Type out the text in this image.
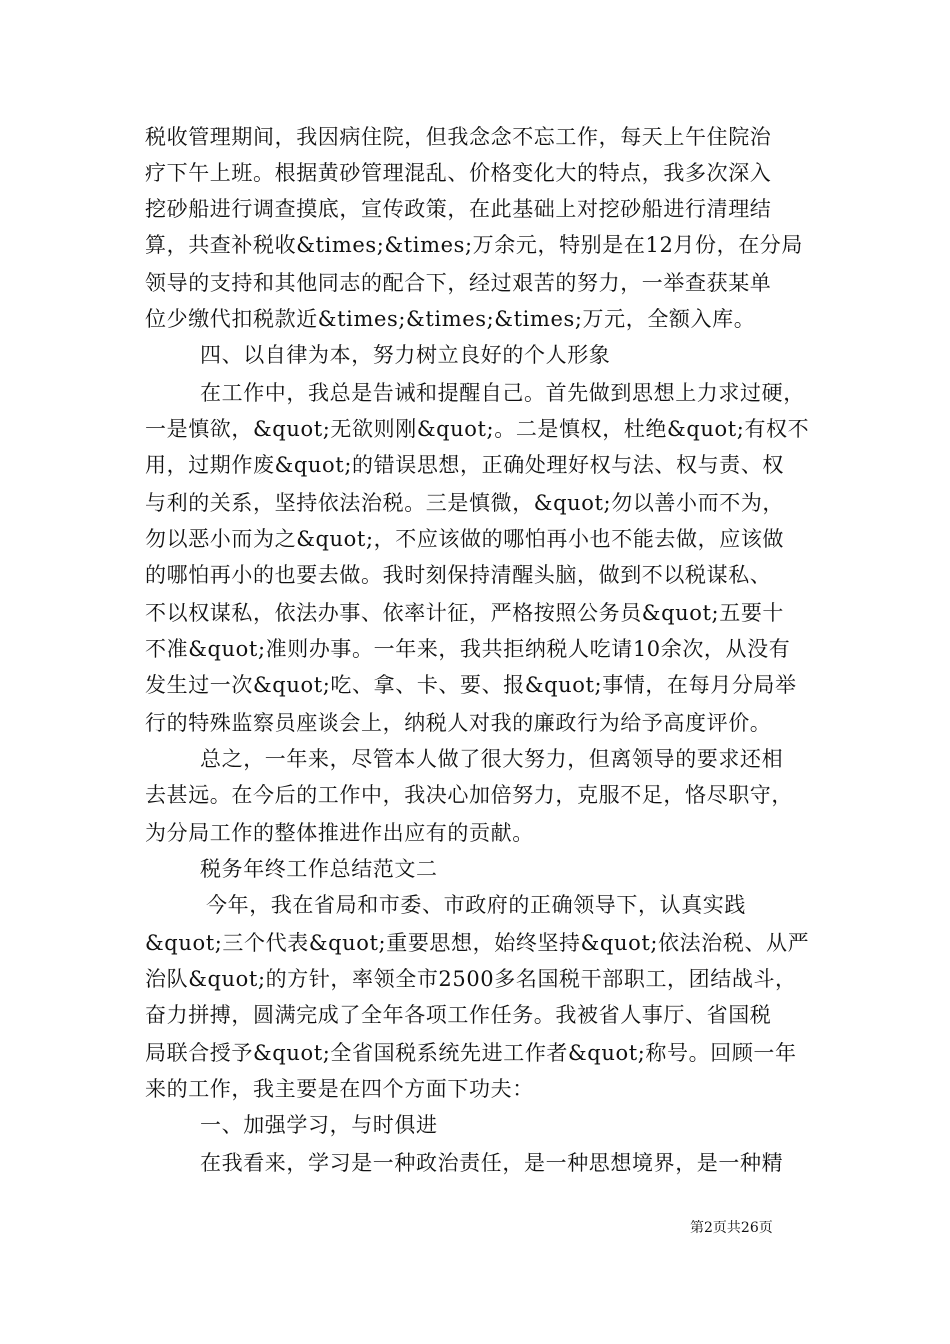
税收管理期间，我因病住院，但我念念不忘工作，每天上午住院治
疗下午上班。根据黄砂管理混乱、价格变化大的特点，我多次深入
挖砂船进行调查摸底，宣传政策，在此基础上对挖砂船进行清理结
算，共查补税收&times;&times;万余元，特别是在12月份，在分局
领导的支持和其他同志的配合下，经过艰苦的努力，一举查获某单
位少缴代扣税款近&times;&times;&times;万元，全额入库。
四、以自律为本，努力树立良好的个人形象
在工作中，我总是告诫和提醒自己。首先做到思想上力求过硬，
一是慎欲，&quot;无欲则刚&quot;。二是慎权，杜绝&quot;有权不
用，过期作废&quot;的错误思想，正确处理好权与法、权与责、权
与利的关系，坚持依法治税。三是慎微，&quot;勿以善小而不为，
勿以恶小而为之&quot;，不应该做的哪怕再小也不能去做，应该做
的哪怕再小的也要去做。我时刻保持清醒头脑，做到不以税谋私、
不以权谋私，依法办事、依率计征，严格按照公务员&quot;五要十
不准&quot;准则办事。一年来，我共拒纳税人吃请10余次，从没有
发生过一次&quot;吃、拿、卡、要、报&quot;事情，在每月分局举
行的特殊监察员座谈会上，纳税人对我的廉政行为给予高度评价。
总之，一年来，尽管本人做了很大努力，但离领导的要求还相
去甚远。在今后的工作中，我决心加倍努力，克服不足，恪尽职守，
为分局工作的整体推进作出应有的贡献。
税务年终工作总结范文二
今年，我在省局和市委、市政府的正确领导下，认真实践
&quot;三个代表&quot;重要思想，始终坚持&quot;依法治税、从严
治队&quot;的方针，率领全市2500多名国税干部职工，团结战斗，
奋力拼搏，圆满完成了全年各项工作任务。我被省人事厅、省国税
局联合授予&quot;全省国税系统先进工作者&quot;称号。回顾一年
来的工作，我主要是在四个方面下功夫：
一、加强学习，与时俱进
在我看来，学习是一种政治责任，是一种思想境界，是一种精
第2页共26页
